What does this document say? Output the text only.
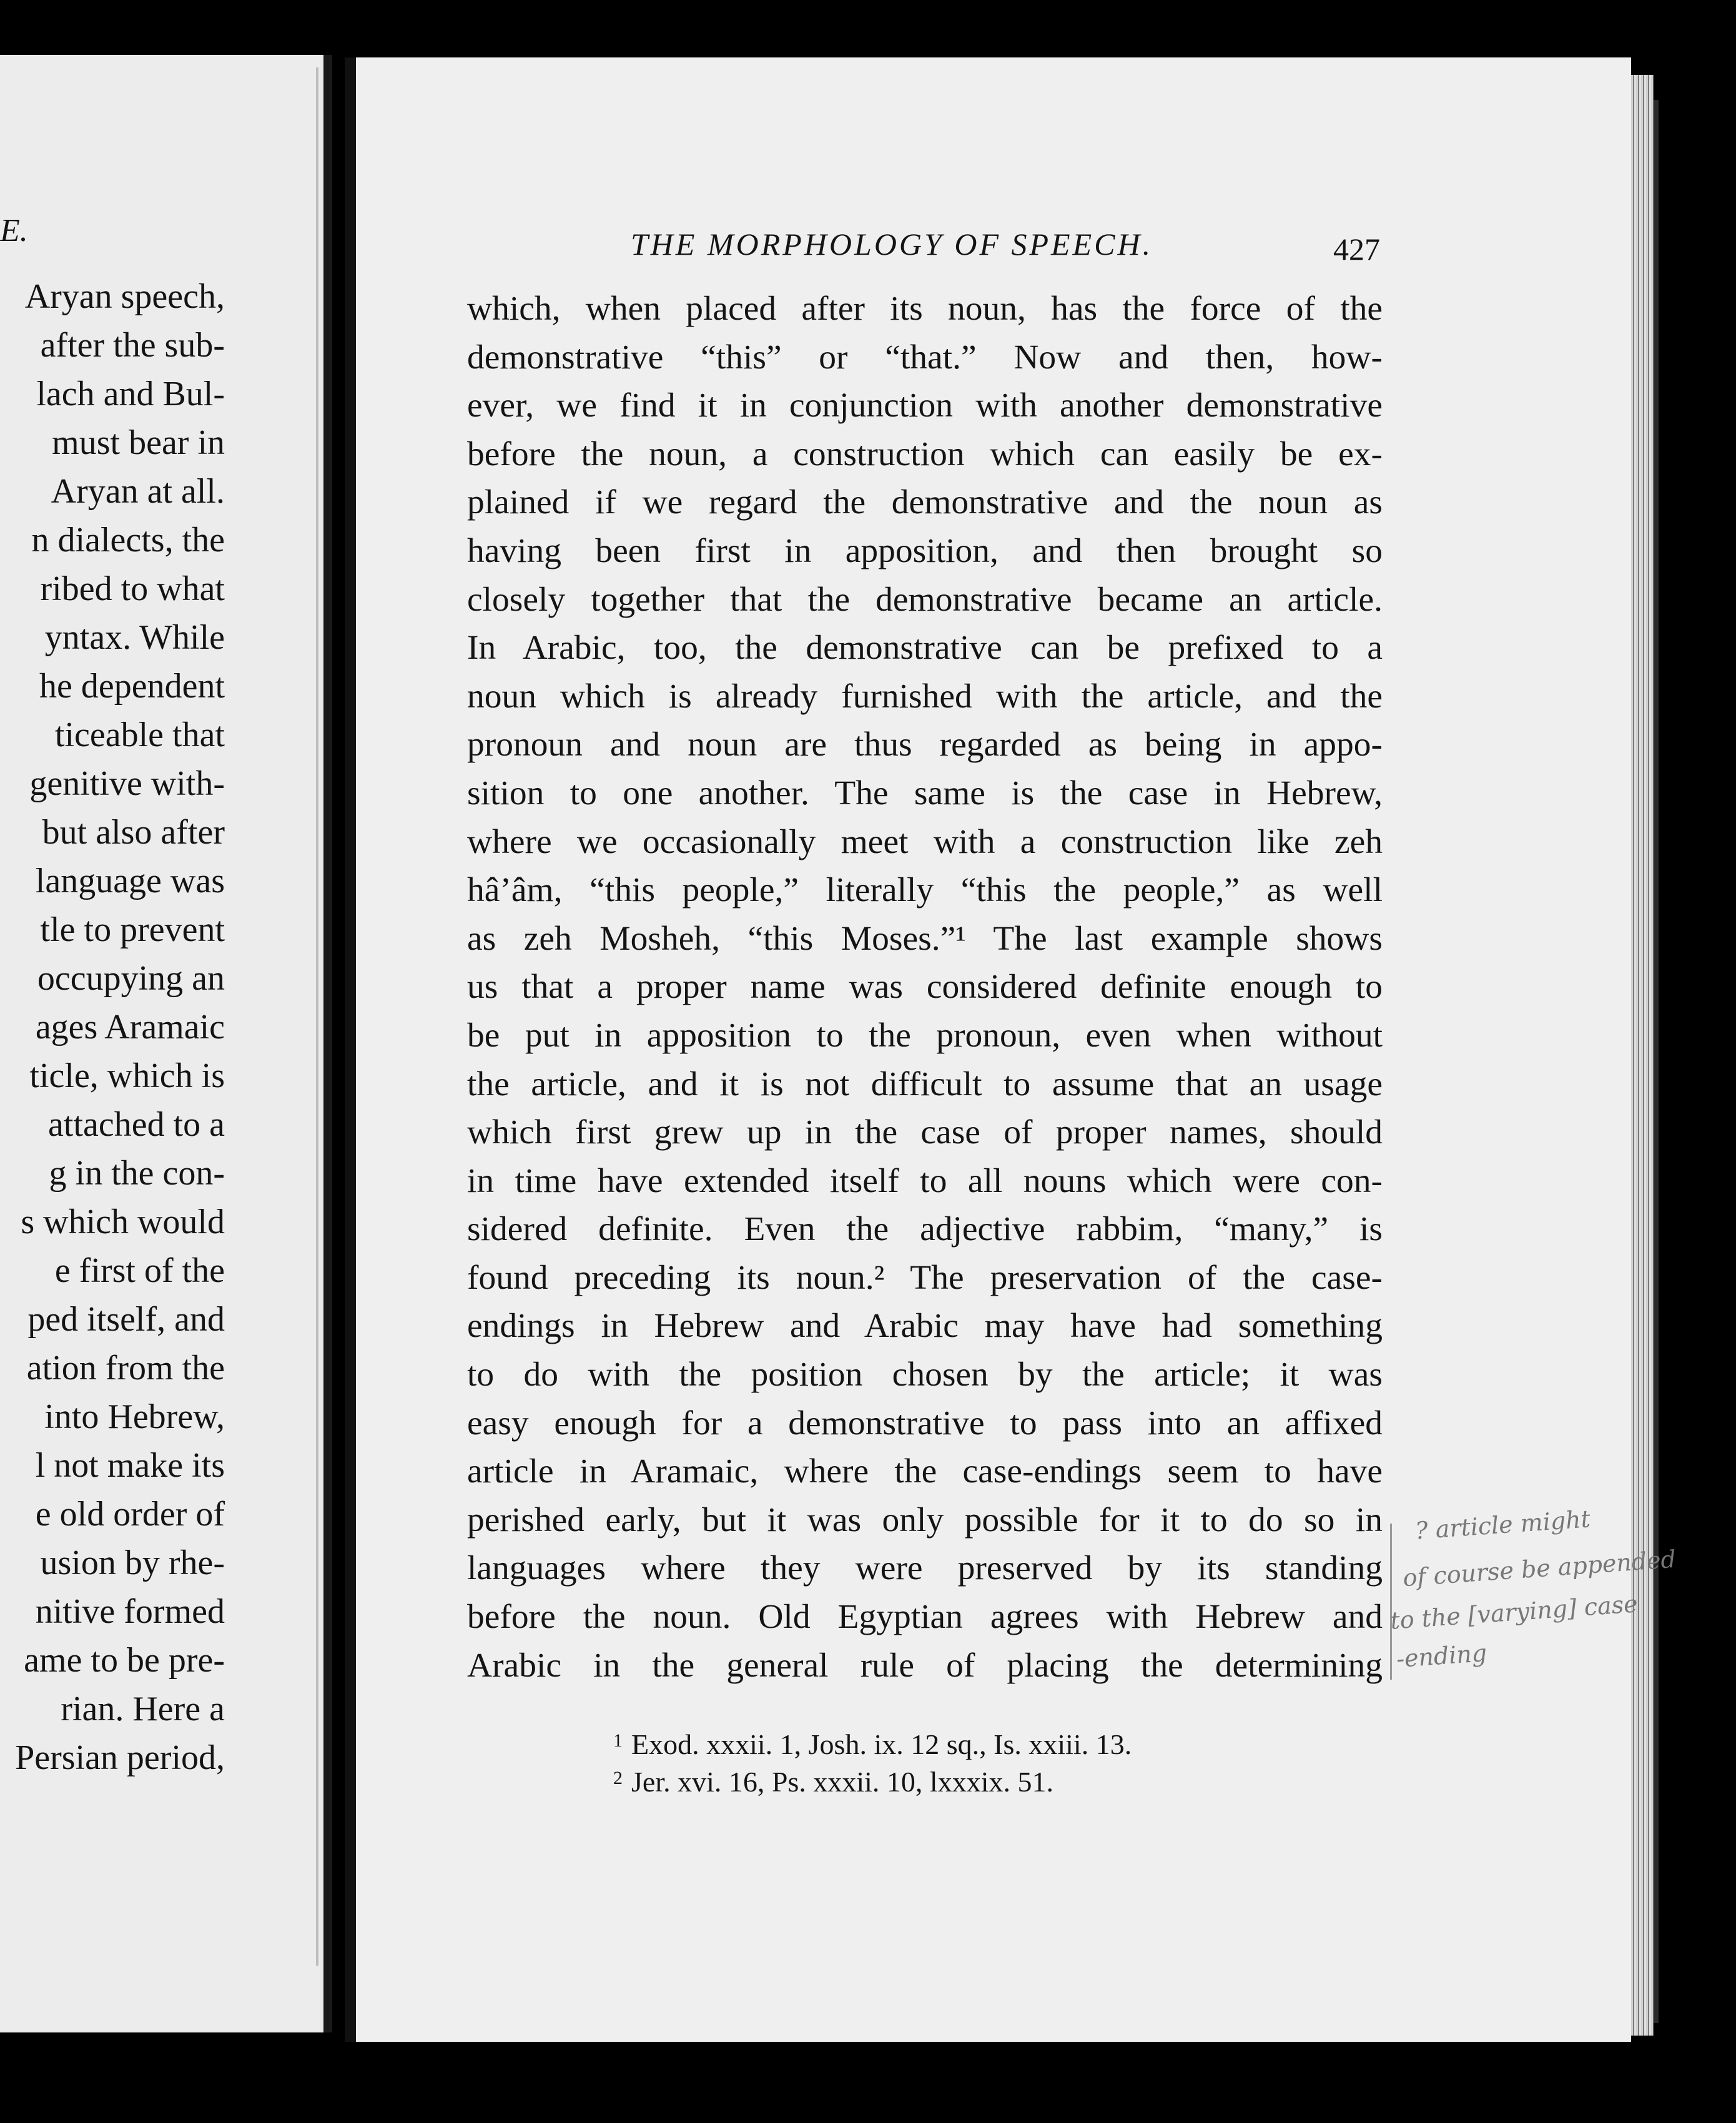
E.
Aryan speech,
after the sub-
lach and Bul-
must bear in
Aryan at all.
n dialects, the
ribed to what
yntax. While
he dependent
ticeable that
genitive with-
but also after
language was
tle to prevent
occupying an
ages Aramaic
ticle, which is
attached to a
g in the con-
s which would
e first of the
ped itself, and
ation from the
into Hebrew,
l not make its
e old order of
usion by rhe-
nitive formed
ame to be pre-
rian. Here a
Persian period,
THE MORPHOLOGY OF SPEECH.	427
which, when placed after its noun, has the force of the
demonstrative “this” or “that.” Now and then, how-
ever, we find it in conjunction with another demonstrative
before the noun, a construction which can easily be ex-
plained if we regard the demonstrative and the noun as
having been first in apposition, and then brought so
closely together that the demonstrative became an article.
In Arabic, too, the demonstrative can be prefixed to a
noun which is already furnished with the article, and the
pronoun and noun are thus regarded as being in appo-
sition to one another. The same is the case in Hebrew,
where we occasionally meet with a construction like zeh
hâ’âm, “this people,” literally “this the people,” as well
as zeh Mosheh, “this Moses.”¹ The last example shows
us that a proper name was considered definite enough to
be put in apposition to the pronoun, even when without
the article, and it is not difficult to assume that an usage
which first grew up in the case of proper names, should
in time have extended itself to all nouns which were con-
sidered definite. Even the adjective rabbim, “many,” is
found preceding its noun.² The preservation of the case-
endings in Hebrew and Arabic may have had something
to do with the position chosen by the article; it was
easy enough for a demonstrative to pass into an affixed
article in Aramaic, where the case-endings seem to have
perished early, but it was only possible for it to do so in
languages where they were preserved by its standing
before the noun. Old Egyptian agrees with Hebrew and
Arabic in the general rule of placing the determining
$^1$ Exod. xxxii. 1, Josh. ix. 12 sq., Is. xxiii. 13.
$^2$ Jer. xvi. 16, Ps. xxxii. 10, lxxxix. 51.
? article might
of course be appended
to the [varying] case
-ending
